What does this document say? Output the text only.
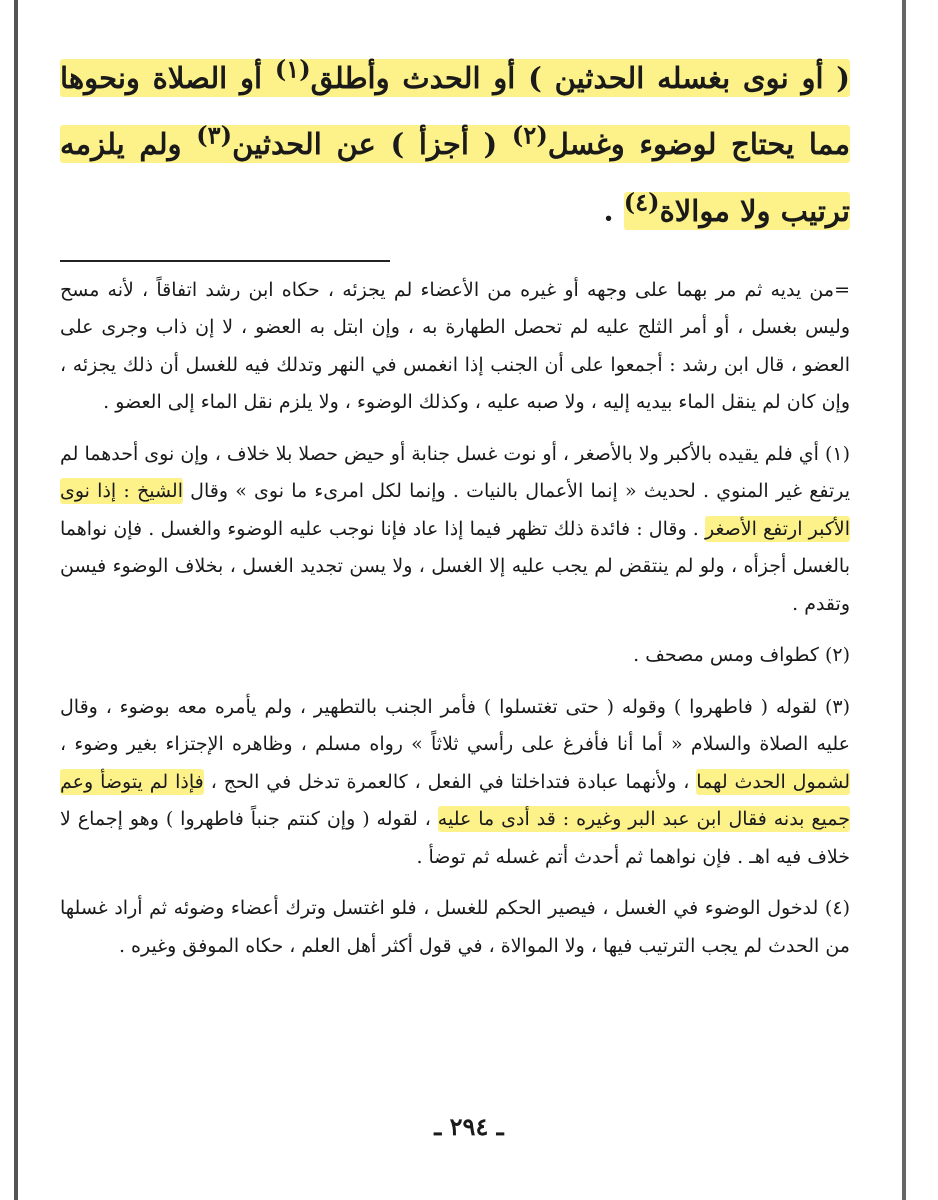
( أو نوى بغسله الحدثين ) أو الحدث وأطلق$^{(١)}$ أو الصلاة ونحوها مما يحتاج لوضوء وغسل$^{(٢)}$ ( أجزأ ) عن الحدثين$^{(٣)}$ ولم يلزمه ترتيب ولا موالاة$^{(٤)}$ .

=من يديه ثم مر بهما على وجهه أو غيره من الأعضاء لم يجزئه ، حكاه ابن رشد اتفاقاً ، لأنه مسح وليس بغسل ، أو أمر الثلج عليه لم تحصل الطهارة به ، وإن ابتل به العضو ، لا إن ذاب وجرى على العضو ، قال ابن رشد : أجمعوا على أن الجنب إذا انغمس في النهر وتدلك فيه للغسل أن ذلك يجزئه ، وإن كان لم ينقل الماء بيديه إليه ، ولا صبه عليه ، وكذلك الوضوء ، ولا يلزم نقل الماء إلى العضو .

(١) أي فلم يقيده بالأكبر ولا بالأصغر ، أو نوت غسل جنابة أو حيض حصلا بلا خلاف ، وإن نوى أحدهما لم يرتفع غير المنوي . لحديث « إنما الأعمال بالنيات . وإنما لكل امرىء ما نوى » وقال الشيخ : إذا نوى الأكبر ارتفع الأصغر . وقال : فائدة ذلك تظهر فيما إذا عاد فإنا نوجب عليه الوضوء والغسل . فإن نواهما بالغسل أجزأه ، ولو لم ينتقض لم يجب عليه إلا الغسل ، ولا يسن تجديد الغسل ، بخلاف الوضوء فيسن وتقدم .

(٢) كطواف ومس مصحف .

(٣) لقوله ( فاطهروا ) وقوله ( حتى تغتسلوا ) فأمر الجنب بالتطهير ، ولم يأمره معه بوضوء ، وقال عليه الصلاة والسلام « أما أنا فأفرغ على رأسي ثلاثاً » رواه مسلم ، وظاهره الإجتزاء بغير وضوء ، لشمول الحدث لهما ، ولأنهما عبادة فتداخلتا في الفعل ، كالعمرة تدخل في الحج ، فإذا لم يتوضأ وعم جميع بدنه فقال ابن عبد البر وغيره : قد أدى ما عليه ، لقوله ( وإن كنتم جنباً فاطهروا ) وهو إجماع لا خلاف فيه اهـ . فإن نواهما ثم أحدث أتم غسله ثم توضأ .

(٤) لدخول الوضوء في الغسل ، فيصير الحكم للغسل ، فلو اغتسل وترك أعضاء وضوئه ثم أراد غسلها من الحدث لم يجب الترتيب فيها ، ولا الموالاة ، في قول أكثر أهل العلم ، حكاه الموفق وغيره .

ـ ٢٩٤ ـ
